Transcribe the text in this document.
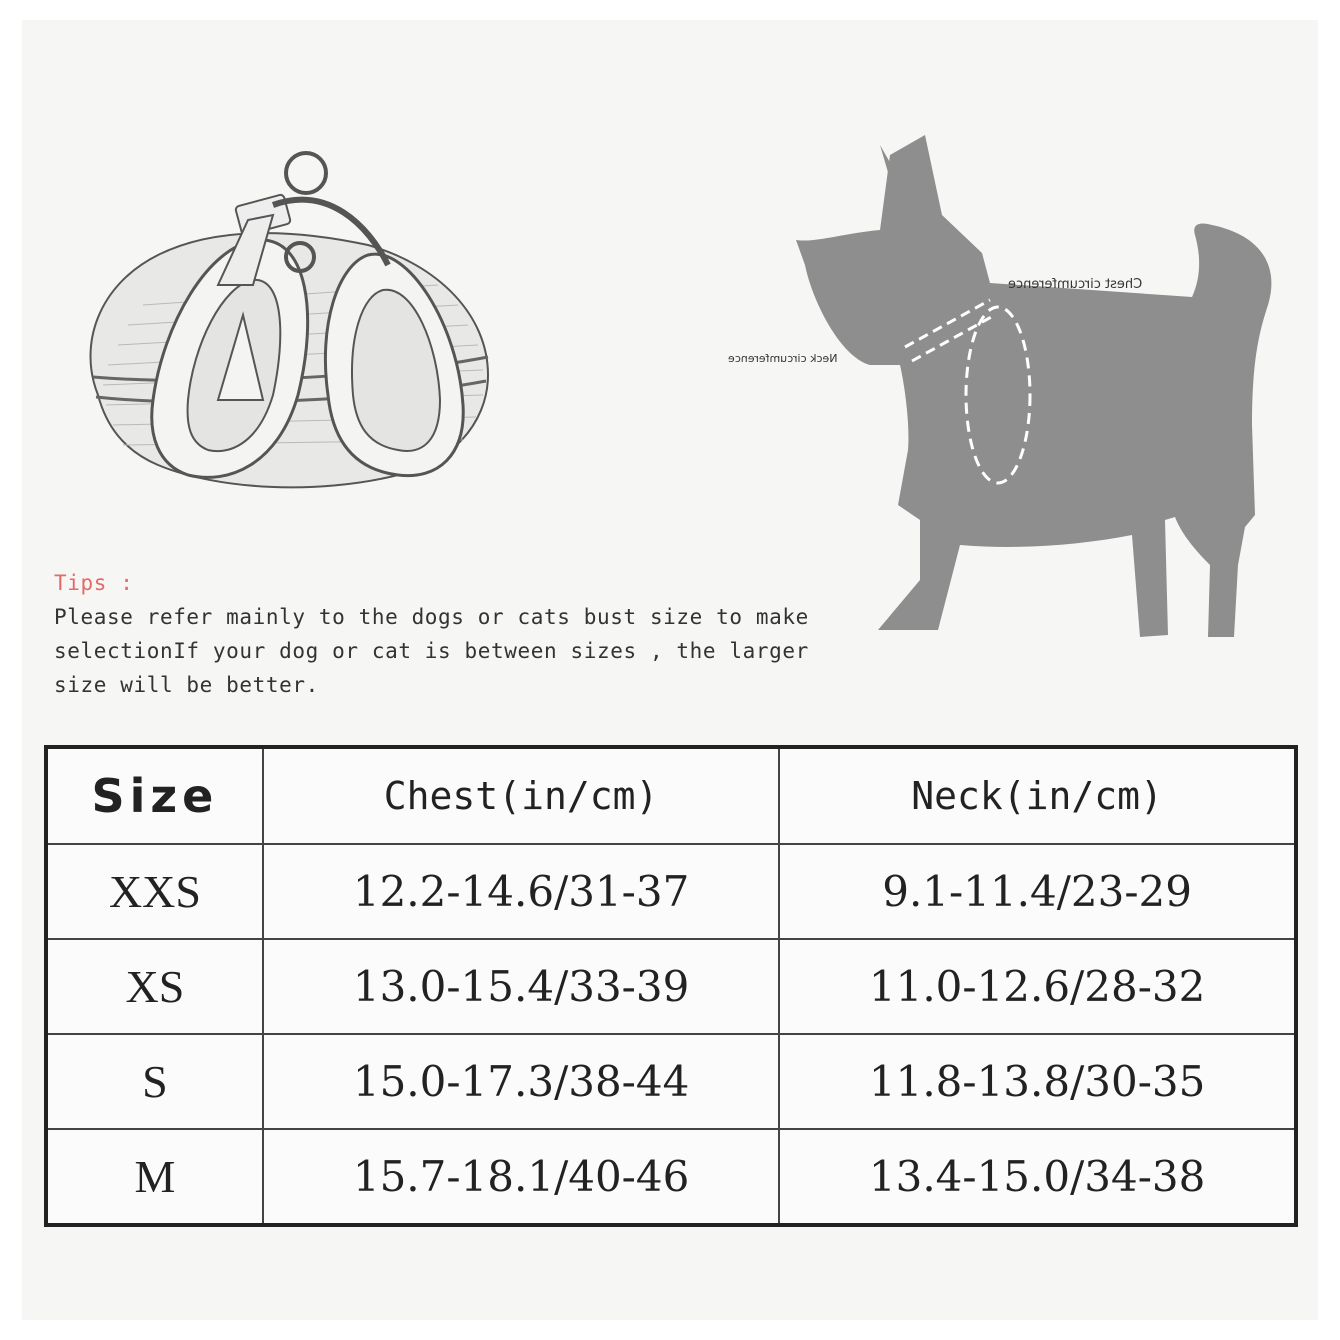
Chest circumference
Neck circumference
Tips :
Please refer mainly to the dogs or cats bust size to make
selectionIf your dog or cat is between sizes , the larger
size will be better.
Size	Chest(in/cm)	Neck(in/cm)
XXS	12.2-14.6/31-37	9.1-11.4/23-29
XS	13.0-15.4/33-39	11.0-12.6/28-32
S	15.0-17.3/38-44	11.8-13.8/30-35
M	15.7-18.1/40-46	13.4-15.0/34-38
